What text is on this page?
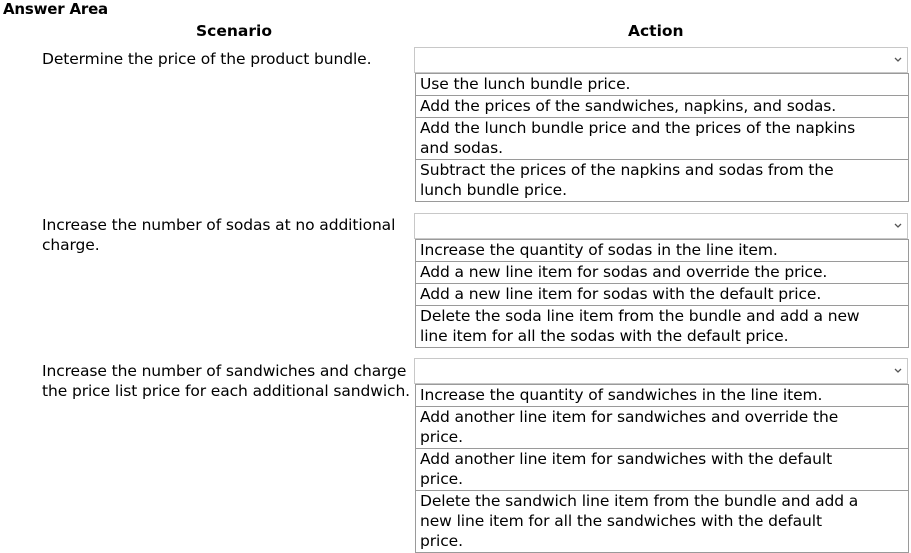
Answer Area
Scenario	Action
Determine the price of the product bundle.
Use the lunch bundle price.
Add the prices of the sandwiches, napkins, and sodas.
Add the lunch bundle price and the prices of the napkins and sodas.
Subtract the prices of the napkins and sodas from the lunch bundle price.
Increase the number of sodas at no additional charge.	Increase the quantity of sodas in the line item.
Add a new line item for sodas and override the price.
Add a new line item for sodas with the default price.
Delete the soda line item from the bundle and add a new line item for all the sodas with the default price.
Increase the number of sandwiches and charge the price list price for each additional sandwich. Increase the quantity of sandwiches in the line item.
Add another line item for sandwiches and override the price.
Add another line item for sandwiches with the default price.
Delete the sandwich line item from the bundle and add a new line item for all the sandwiches with the default price.
